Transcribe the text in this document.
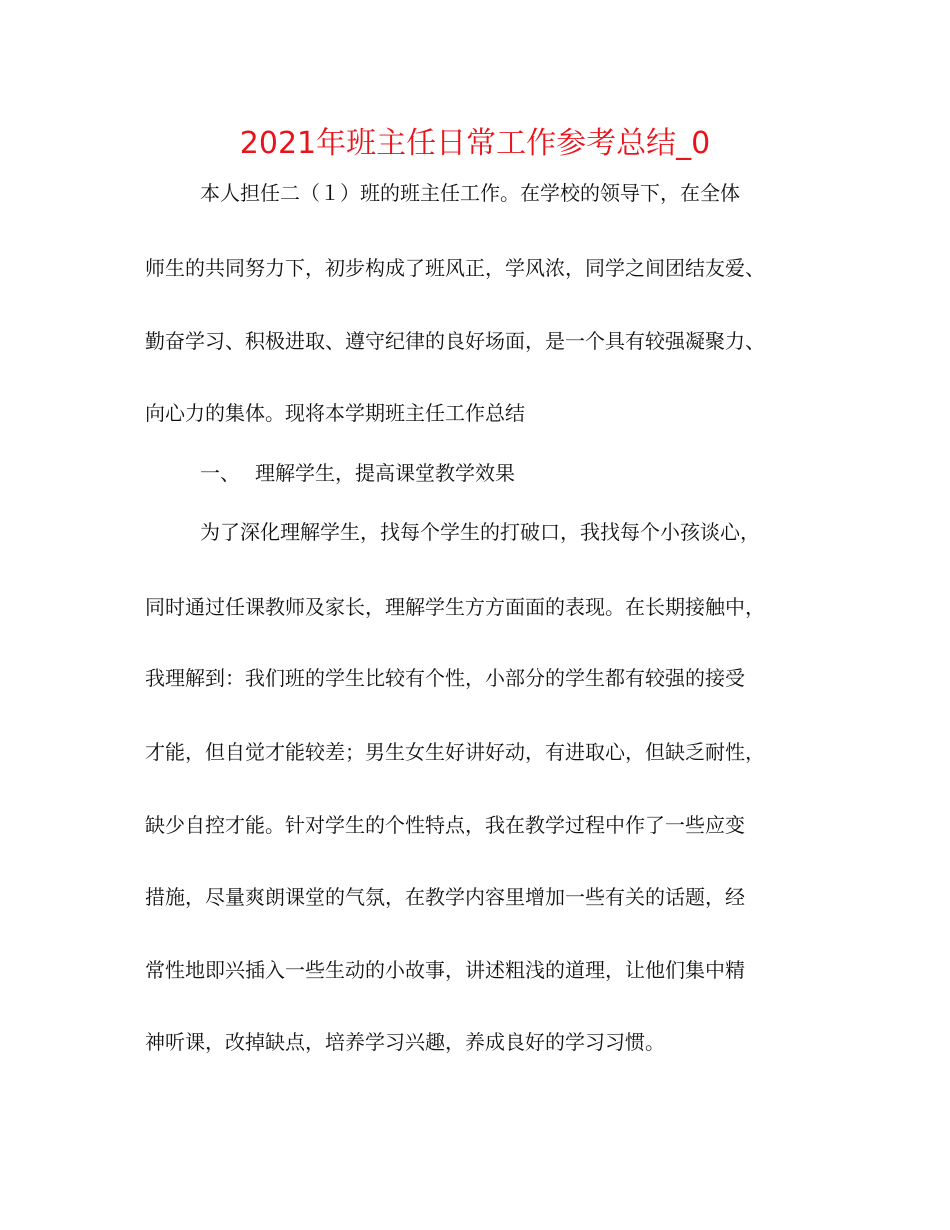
2021年班主任日常工作参考总结_0
本人担任二（１）班的班主任工作。在学校的领导下，在全体
师生的共同努力下，初步构成了班风正，学风浓，同学之间团结友爱、
勤奋学习、积极进取、遵守纪律的良好场面，是一个具有较强凝聚力、
向心力的集体。现将本学期班主任工作总结
一、 理解学生，提高课堂教学效果
为了深化理解学生，找每个学生的打破口，我找每个小孩谈心，
同时通过任课教师及家长，理解学生方方面面的表现。在长期接触中，
我理解到：我们班的学生比较有个性，小部分的学生都有较强的接受
才能，但自觉才能较差；男生女生好讲好动，有进取心，但缺乏耐性，
缺少自控才能。针对学生的个性特点，我在教学过程中作了一些应变
措施，尽量爽朗课堂的气氛，在教学内容里增加一些有关的话题，经
常性地即兴插入一些生动的小故事，讲述粗浅的道理，让他们集中精
神听课，改掉缺点，培养学习兴趣，养成良好的学习习惯。
